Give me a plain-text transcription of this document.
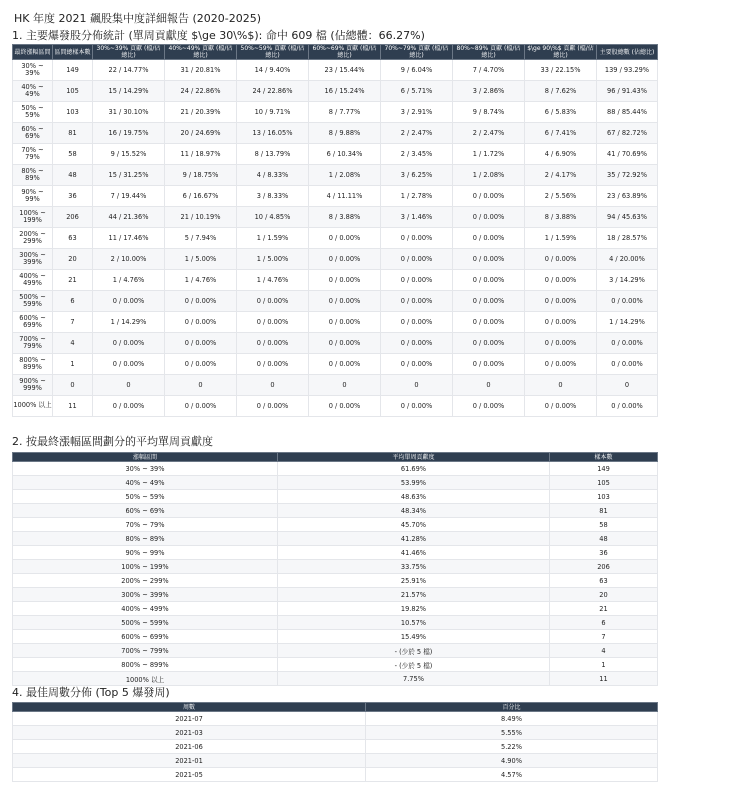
HK 年度 2021 飆股集中度詳細報告 (2020-2025)
1. 主要爆發股分佈統計 (單周貢獻度 $\ge 30\%$): 命中 609 檔 (佔總體：66.27%)
最終漲幅區間	區間總樣本數	30%~39% 貢獻 (檔/佔總比)	40%~49% 貢獻 (檔/佔總比)	50%~59% 貢獻 (檔/佔總比)	60%~69% 貢獻 (檔/佔總比)	70%~79% 貢獻 (檔/佔總比)	80%~89% 貢獻 (檔/佔總比)	$\ge 90\%$ 貢獻 (檔/佔總比)	主要股總數 (佔總比)
30% ~ 39%	149	22 / 14.77%	31 / 20.81%	14 / 9.40%	23 / 15.44%	9 / 6.04%	7 / 4.70%	33 / 22.15%	139 / 93.29%
40% ~ 49%	105	15 / 14.29%	24 / 22.86%	24 / 22.86%	16 / 15.24%	6 / 5.71%	3 / 2.86%	8 / 7.62%	96 / 91.43%
50% ~ 59%	103	31 / 30.10%	21 / 20.39%	10 / 9.71%	8 / 7.77%	3 / 2.91%	9 / 8.74%	6 / 5.83%	88 / 85.44%
60% ~ 69%	81	16 / 19.75%	20 / 24.69%	13 / 16.05%	8 / 9.88%	2 / 2.47%	2 / 2.47%	6 / 7.41%	67 / 82.72%
70% ~ 79%	58	9 / 15.52%	11 / 18.97%	8 / 13.79%	6 / 10.34%	2 / 3.45%	1 / 1.72%	4 / 6.90%	41 / 70.69%
80% ~ 89%	48	15 / 31.25%	9 / 18.75%	4 / 8.33%	1 / 2.08%	3 / 6.25%	1 / 2.08%	2 / 4.17%	35 / 72.92%
90% ~ 99%	36	7 / 19.44%	6 / 16.67%	3 / 8.33%	4 / 11.11%	1 / 2.78%	0 / 0.00%	2 / 5.56%	23 / 63.89%
100% ~ 199%	206	44 / 21.36%	21 / 10.19%	10 / 4.85%	8 / 3.88%	3 / 1.46%	0 / 0.00%	8 / 3.88%	94 / 45.63%
200% ~ 299%	63	11 / 17.46%	5 / 7.94%	1 / 1.59%	0 / 0.00%	0 / 0.00%	0 / 0.00%	1 / 1.59%	18 / 28.57%
300% ~ 399%	20	2 / 10.00%	1 / 5.00%	1 / 5.00%	0 / 0.00%	0 / 0.00%	0 / 0.00%	0 / 0.00%	4 / 20.00%
400% ~ 499%	21	1 / 4.76%	1 / 4.76%	1 / 4.76%	0 / 0.00%	0 / 0.00%	0 / 0.00%	0 / 0.00%	3 / 14.29%
500% ~ 599%	6	0 / 0.00%	0 / 0.00%	0 / 0.00%	0 / 0.00%	0 / 0.00%	0 / 0.00%	0 / 0.00%	0 / 0.00%
600% ~ 699%	7	1 / 14.29%	0 / 0.00%	0 / 0.00%	0 / 0.00%	0 / 0.00%	0 / 0.00%	0 / 0.00%	1 / 14.29%
700% ~ 799%	4	0 / 0.00%	0 / 0.00%	0 / 0.00%	0 / 0.00%	0 / 0.00%	0 / 0.00%	0 / 0.00%	0 / 0.00%
800% ~ 899%	1	0 / 0.00%	0 / 0.00%	0 / 0.00%	0 / 0.00%	0 / 0.00%	0 / 0.00%	0 / 0.00%	0 / 0.00%
900% ~ 999%	0	0	0	0	0	0	0	0	0
1000% 以上	11	0 / 0.00%	0 / 0.00%	0 / 0.00%	0 / 0.00%	0 / 0.00%	0 / 0.00%	0 / 0.00%	0 / 0.00%
2. 按最終漲幅區間劃分的平均單周貢獻度
漲幅區間	平均單周貢獻度	樣本數
30% ~ 39%	61.69%	149
40% ~ 49%	53.99%	105
50% ~ 59%	48.63%	103
60% ~ 69%	48.34%	81
70% ~ 79%	45.70%	58
80% ~ 89%	41.28%	48
90% ~ 99%	41.46%	36
100% ~ 199%	33.75%	206
200% ~ 299%	25.91%	63
300% ~ 399%	21.57%	20
400% ~ 499%	19.82%	21
500% ~ 599%	10.57%	6
600% ~ 699%	15.49%	7
700% ~ 799%	- (少於 5 檔)	4
800% ~ 899%	- (少於 5 檔)	1
1000% 以上	7.75%	11
4. 最佳周數分佈 (Top 5 爆發周)
周數	百分比
2021-07	8.49%
2021-03	5.55%
2021-06	5.22%
2021-01	4.90%
2021-05	4.57%
